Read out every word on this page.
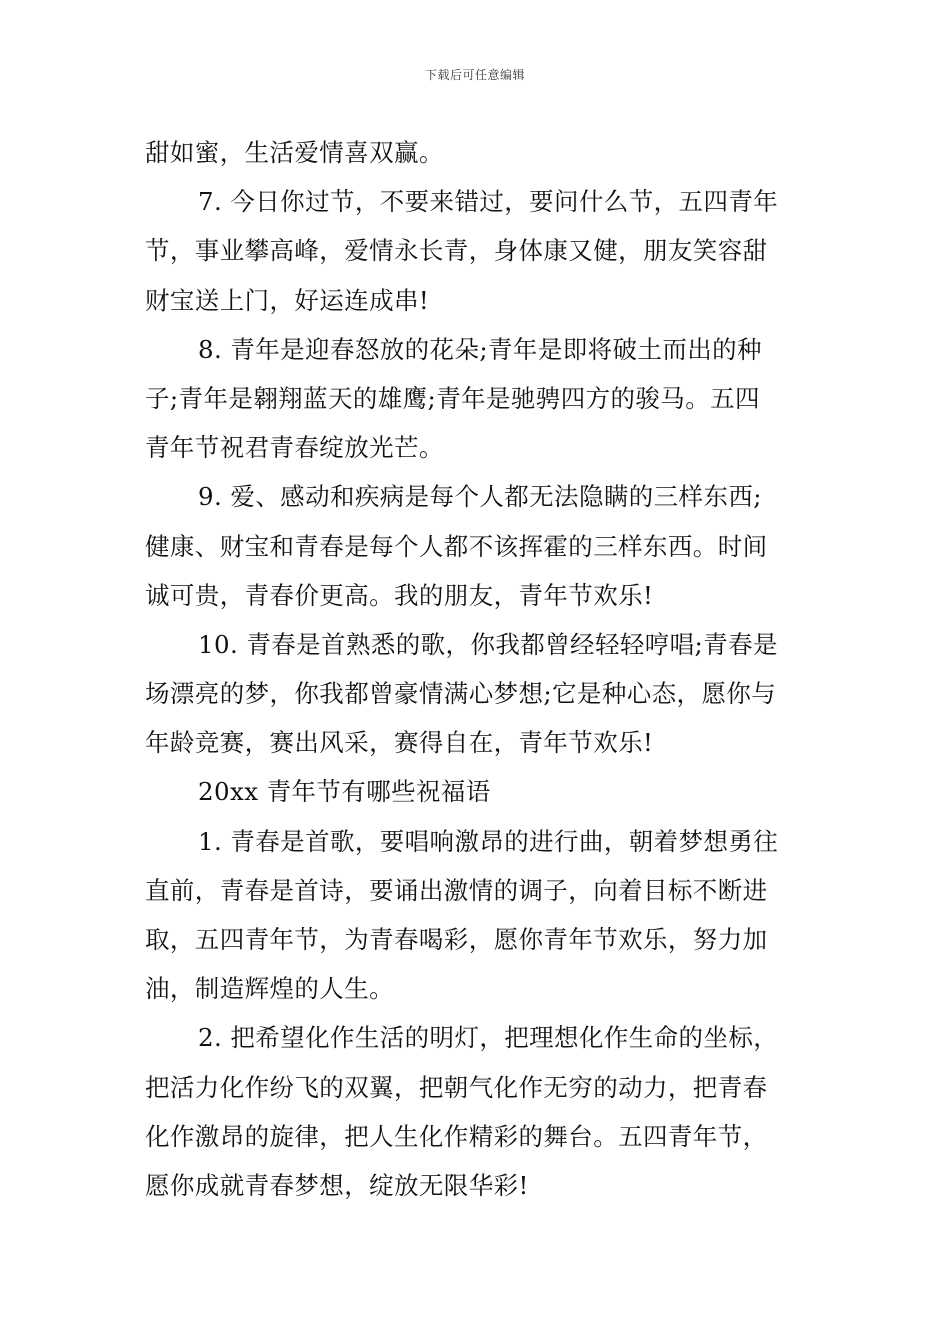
下载后可任意编辑
甜如蜜，生活爱情喜双赢。
7. 今日你过节，不要来错过，要问什么节，五四青年
节，事业攀高峰，爱情永长青，身体康又健，朋友笑容甜
财宝送上门，好运连成串!
8. 青年是迎春怒放的花朵;青年是即将破土而出的种
子;青年是翱翔蓝天的雄鹰;青年是驰骋四方的骏马。五四
青年节祝君青春绽放光芒。
9. 爱、感动和疾病是每个人都无法隐瞒的三样东西;
健康、财宝和青春是每个人都不该挥霍的三样东西。时间
诚可贵，青春价更高。我的朋友，青年节欢乐!
10. 青春是首熟悉的歌，你我都曾经轻轻哼唱;青春是
场漂亮的梦，你我都曾豪情满心梦想;它是种心态，愿你与
年龄竞赛，赛出风采，赛得自在，青年节欢乐!
20xx 青年节有哪些祝福语
1. 青春是首歌，要唱响激昂的进行曲，朝着梦想勇往
直前，青春是首诗，要诵出激情的调子，向着目标不断进
取，五四青年节，为青春喝彩，愿你青年节欢乐，努力加
油，制造辉煌的人生。
2. 把希望化作生活的明灯，把理想化作生命的坐标，
把活力化作纷飞的双翼，把朝气化作无穷的动力，把青春
化作激昂的旋律，把人生化作精彩的舞台。五四青年节，
愿你成就青春梦想，绽放无限华彩!
